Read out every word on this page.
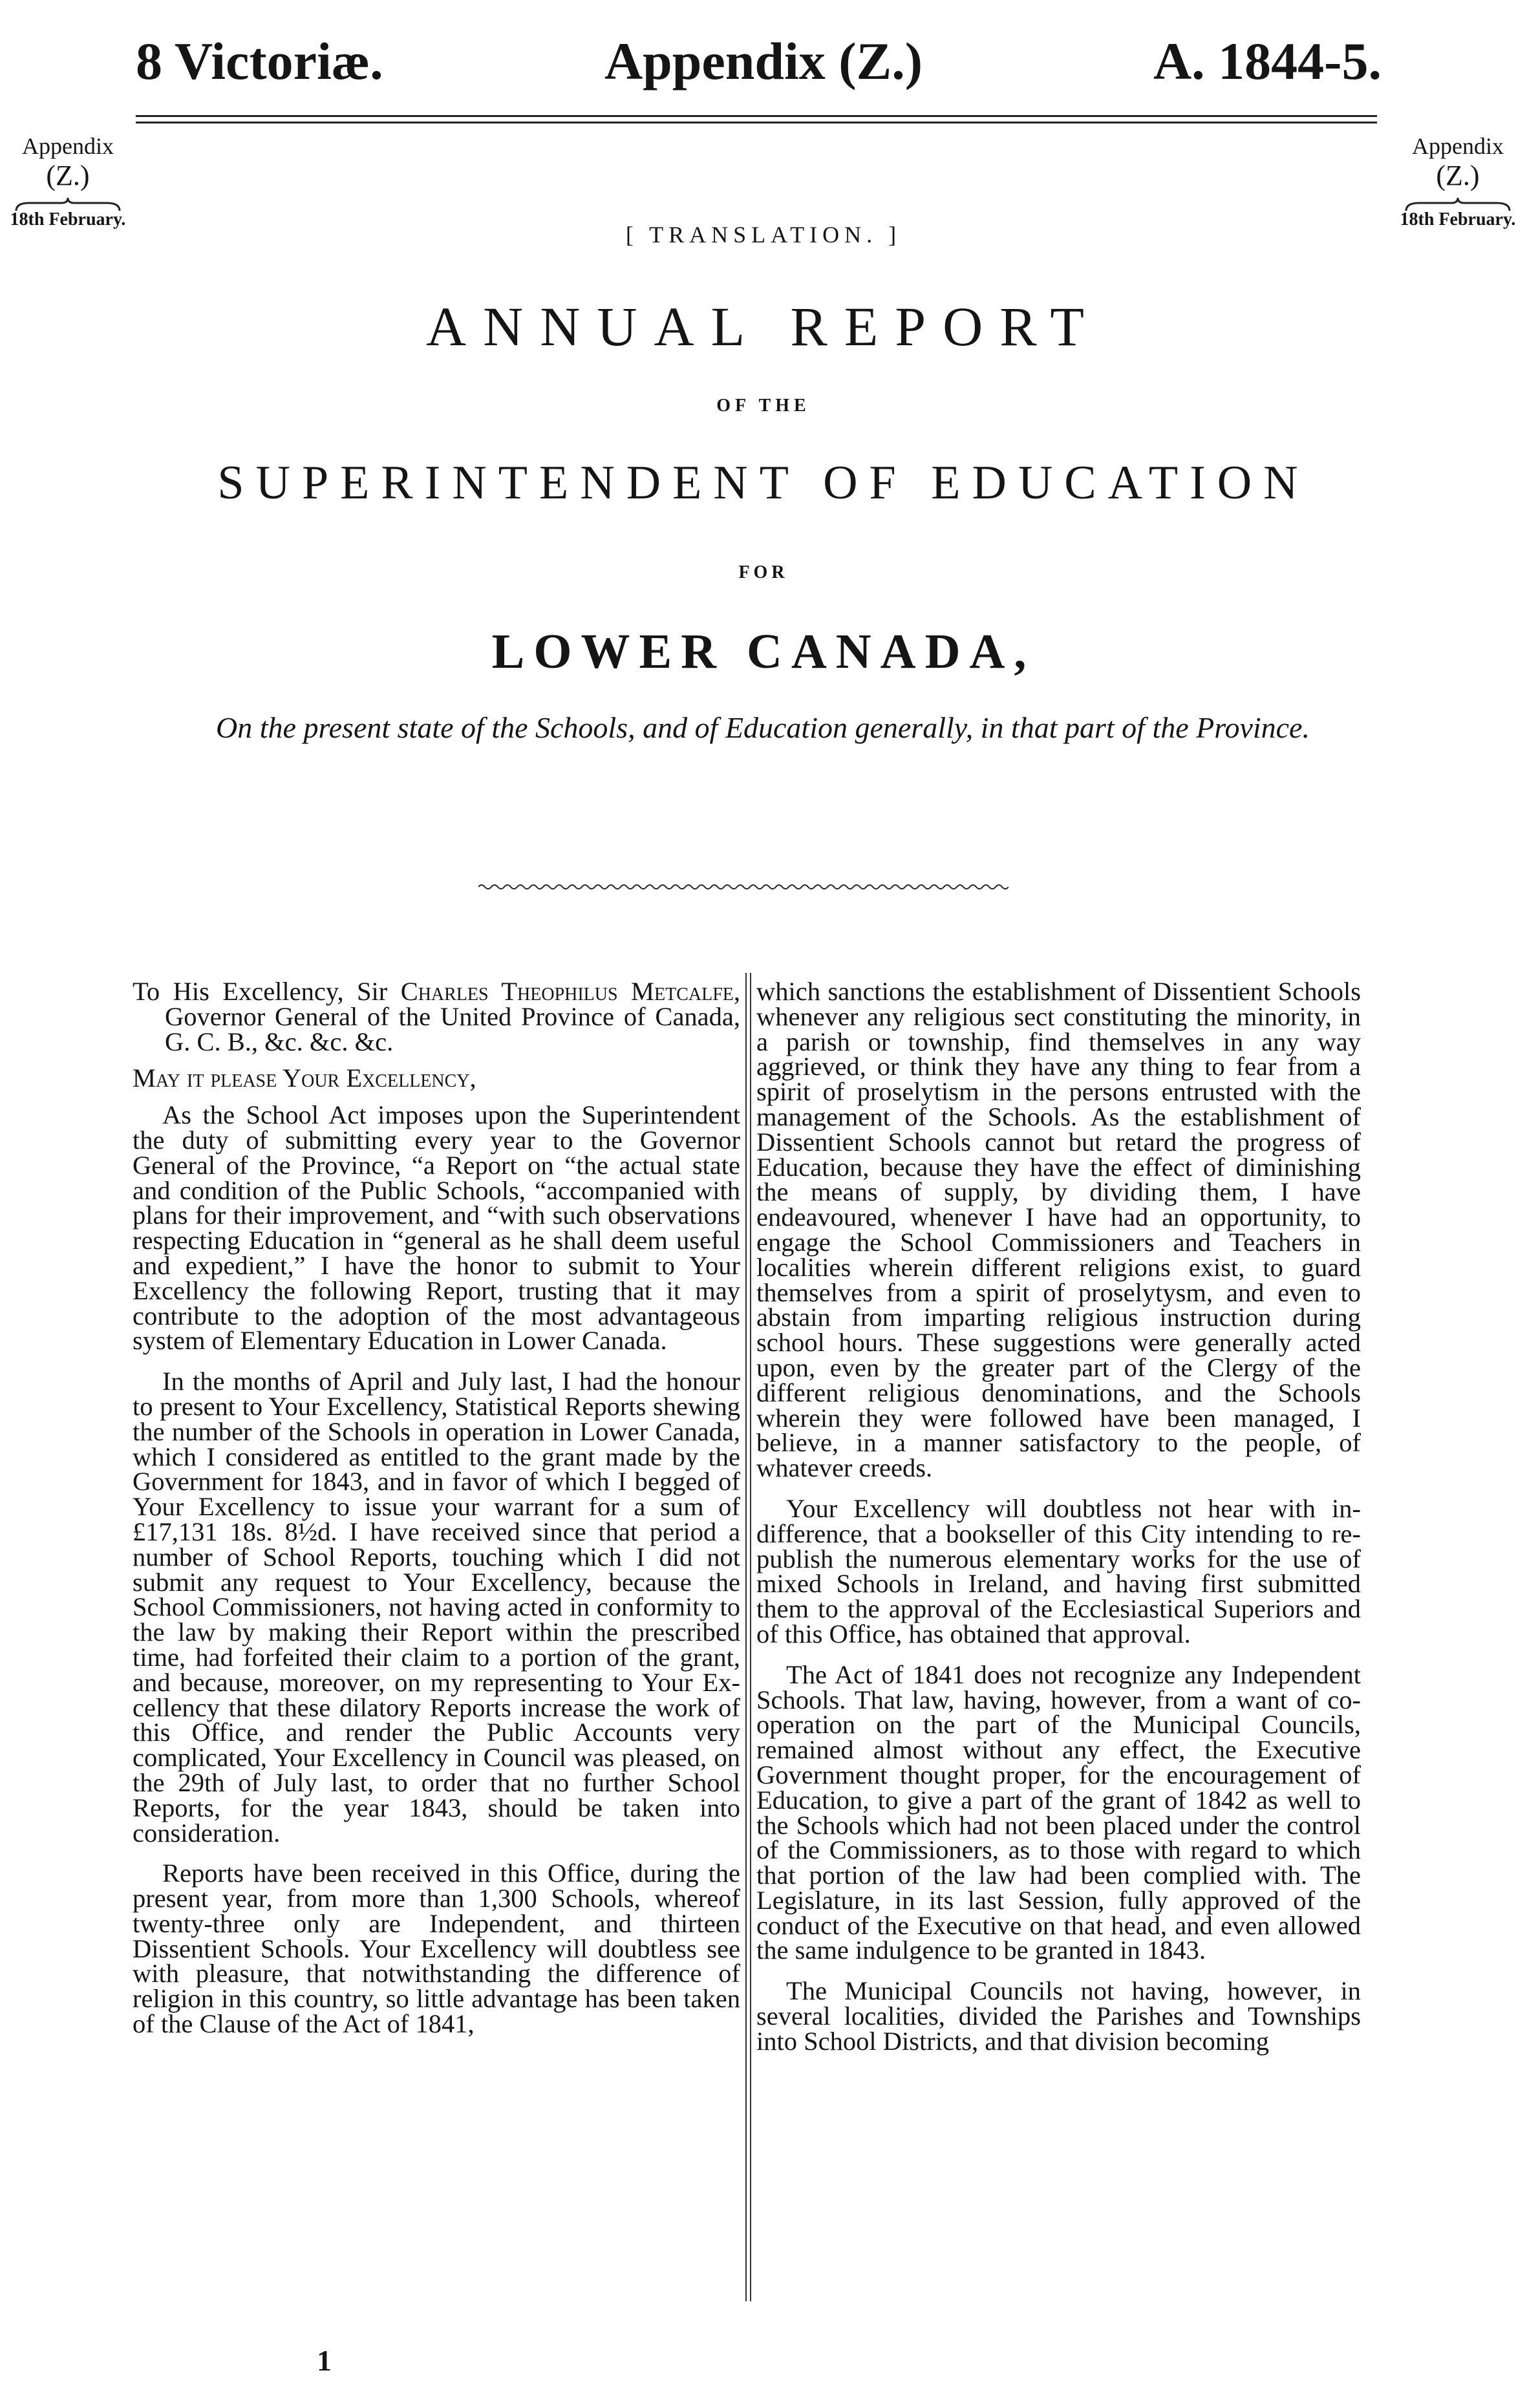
8 Victoriæ.	Appendix (Z.)	A. 1844-5.
Appendix
(Z.)
18th February.
Appendix
(Z.)
18th February.
[ TRANSLATION. ]
ANNUAL REPORT
OF THE
SUPERINTENDENT OF EDUCATION
FOR
LOWER CANADA,
On the present state of the Schools, and of Education generally, in that part of the Province.

To His Excellency, Sir Charles Theophilus Metcalfe, Governor General of the United Province of Canada, G. C. B., &c. &c. &c.

May it please Your Excellency,

As the School Act imposes upon the Superintendent the duty of submitting every year to the Governor General of the Province, “a Report on “the actual state and condition of the Public Schools, “accompanied with plans for their improvement, and “with such observations respecting Education in “general as he shall deem useful and expedient,” I have the honor to submit to Your Excellency the following Report, trusting that it may contribute to the adoption of the most advantageous system of Elementary Education in Lower Canada.

In the months of April and July last, I had the honour to present to Your Excellency, Statistical Reports shewing the number of the Schools in operation in Lower Canada, which I considered as entitled to the grant made by the Government for 1843, and in favor of which I begged of Your Excellency to issue your warrant for a sum of £17,131 18s. 8½d. I have received since that period a number of School Reports, touching which I did not submit any request to Your Excellency, because the School Commissioners, not having acted in conformity to the law by making their Report within the prescribed time, had forfeited their claim to a portion of the grant, and because, moreover, on my representing to Your Excellency that these dilatory Reports increase the work of this Office, and render the Public Accounts very complicated, Your Excellency in Council was pleased, on the 29th of July last, to order that no further School Reports, for the year 1843, should be taken into consideration.

Reports have been received in this Office, during the present year, from more than 1,300 Schools, whereof twenty-three only are Independent, and thirteen Dissentient Schools. Your Excellency will doubtless see with pleasure, that notwithstanding the difference of religion in this country, so little advantage has been taken of the Clause of the Act of 1841,

which sanctions the establishment of Dissentient Schools whenever any religious sect constituting the minority, in a parish or township, find themselves in any way aggrieved, or think they have any thing to fear from a spirit of proselytism in the persons entrusted with the management of the Schools. As the establishment of Dissentient Schools cannot but retard the progress of Education, because they have the effect of diminishing the means of supply, by dividing them, I have endeavoured, whenever I have had an opportunity, to engage the School Commissioners and Teachers in localities wherein different religions exist, to guard themselves from a spirit of proselytysm, and even to abstain from imparting religious instruction during school hours. These suggestions were generally acted upon, even by the greater part of the Clergy of the different religious denominations, and the Schools wherein they were followed have been managed, I believe, in a manner satisfactory to the people, of whatever creeds.

Your Excellency will doubtless not hear with indifference, that a bookseller of this City intending to re-publish the numerous elementary works for the use of mixed Schools in Ireland, and having first submitted them to the approval of the Ecclesiastical Superiors and of this Office, has obtained that approval.

The Act of 1841 does not recognize any Independent Schools. That law, having, however, from a want of co-operation on the part of the Municipal Councils, remained almost without any effect, the Executive Government thought proper, for the encouragement of Education, to give a part of the grant of 1842 as well to the Schools which had not been placed under the control of the Commissioners, as to those with regard to which that portion of the law had been complied with. The Legislature, in its last Session, fully approved of the conduct of the Executive on that head, and even allowed the same indulgence to be granted in 1843.

The Municipal Councils not having, however, in several localities, divided the Parishes and Townships into School Districts, and that division becoming

1
